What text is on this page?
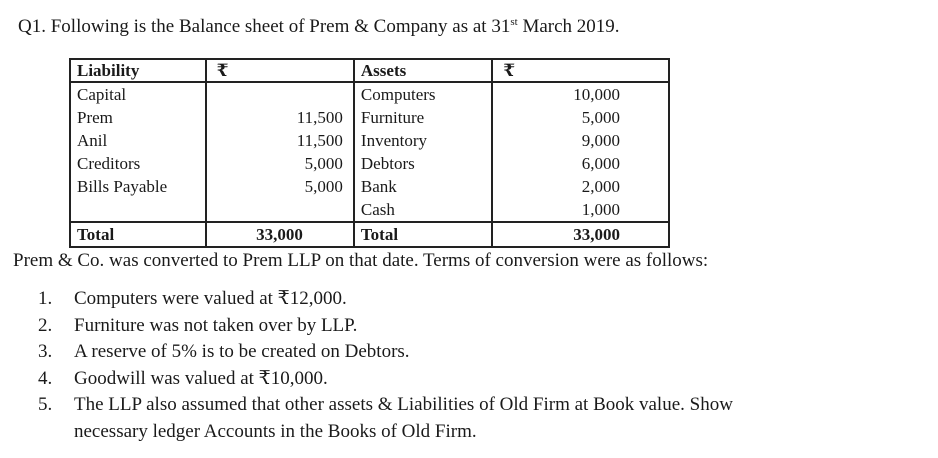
Q1. Following is the Balance sheet of Prem & Company as at 31st March 2019.
Liability	₹	Assets	₹
Capital		Computers	10,000
Prem	11,500	Furniture	5,000
Anil	11,500	Inventory	9,000
Creditors	5,000	Debtors	6,000
Bills Payable	5,000	Bank	2,000
		Cash	1,000
Total	33,000	Total	33,000
Prem & Co. was converted to Prem LLP on that date. Terms of conversion were as follows:
1. Computers were valued at ₹12,000.
2. Furniture was not taken over by LLP.
3. A reserve of 5% is to be created on Debtors.
4. Goodwill was valued at ₹10,000.
5. The LLP also assumed that other assets & Liabilities of Old Firm at Book value. Show
necessary ledger Accounts in the Books of Old Firm.
